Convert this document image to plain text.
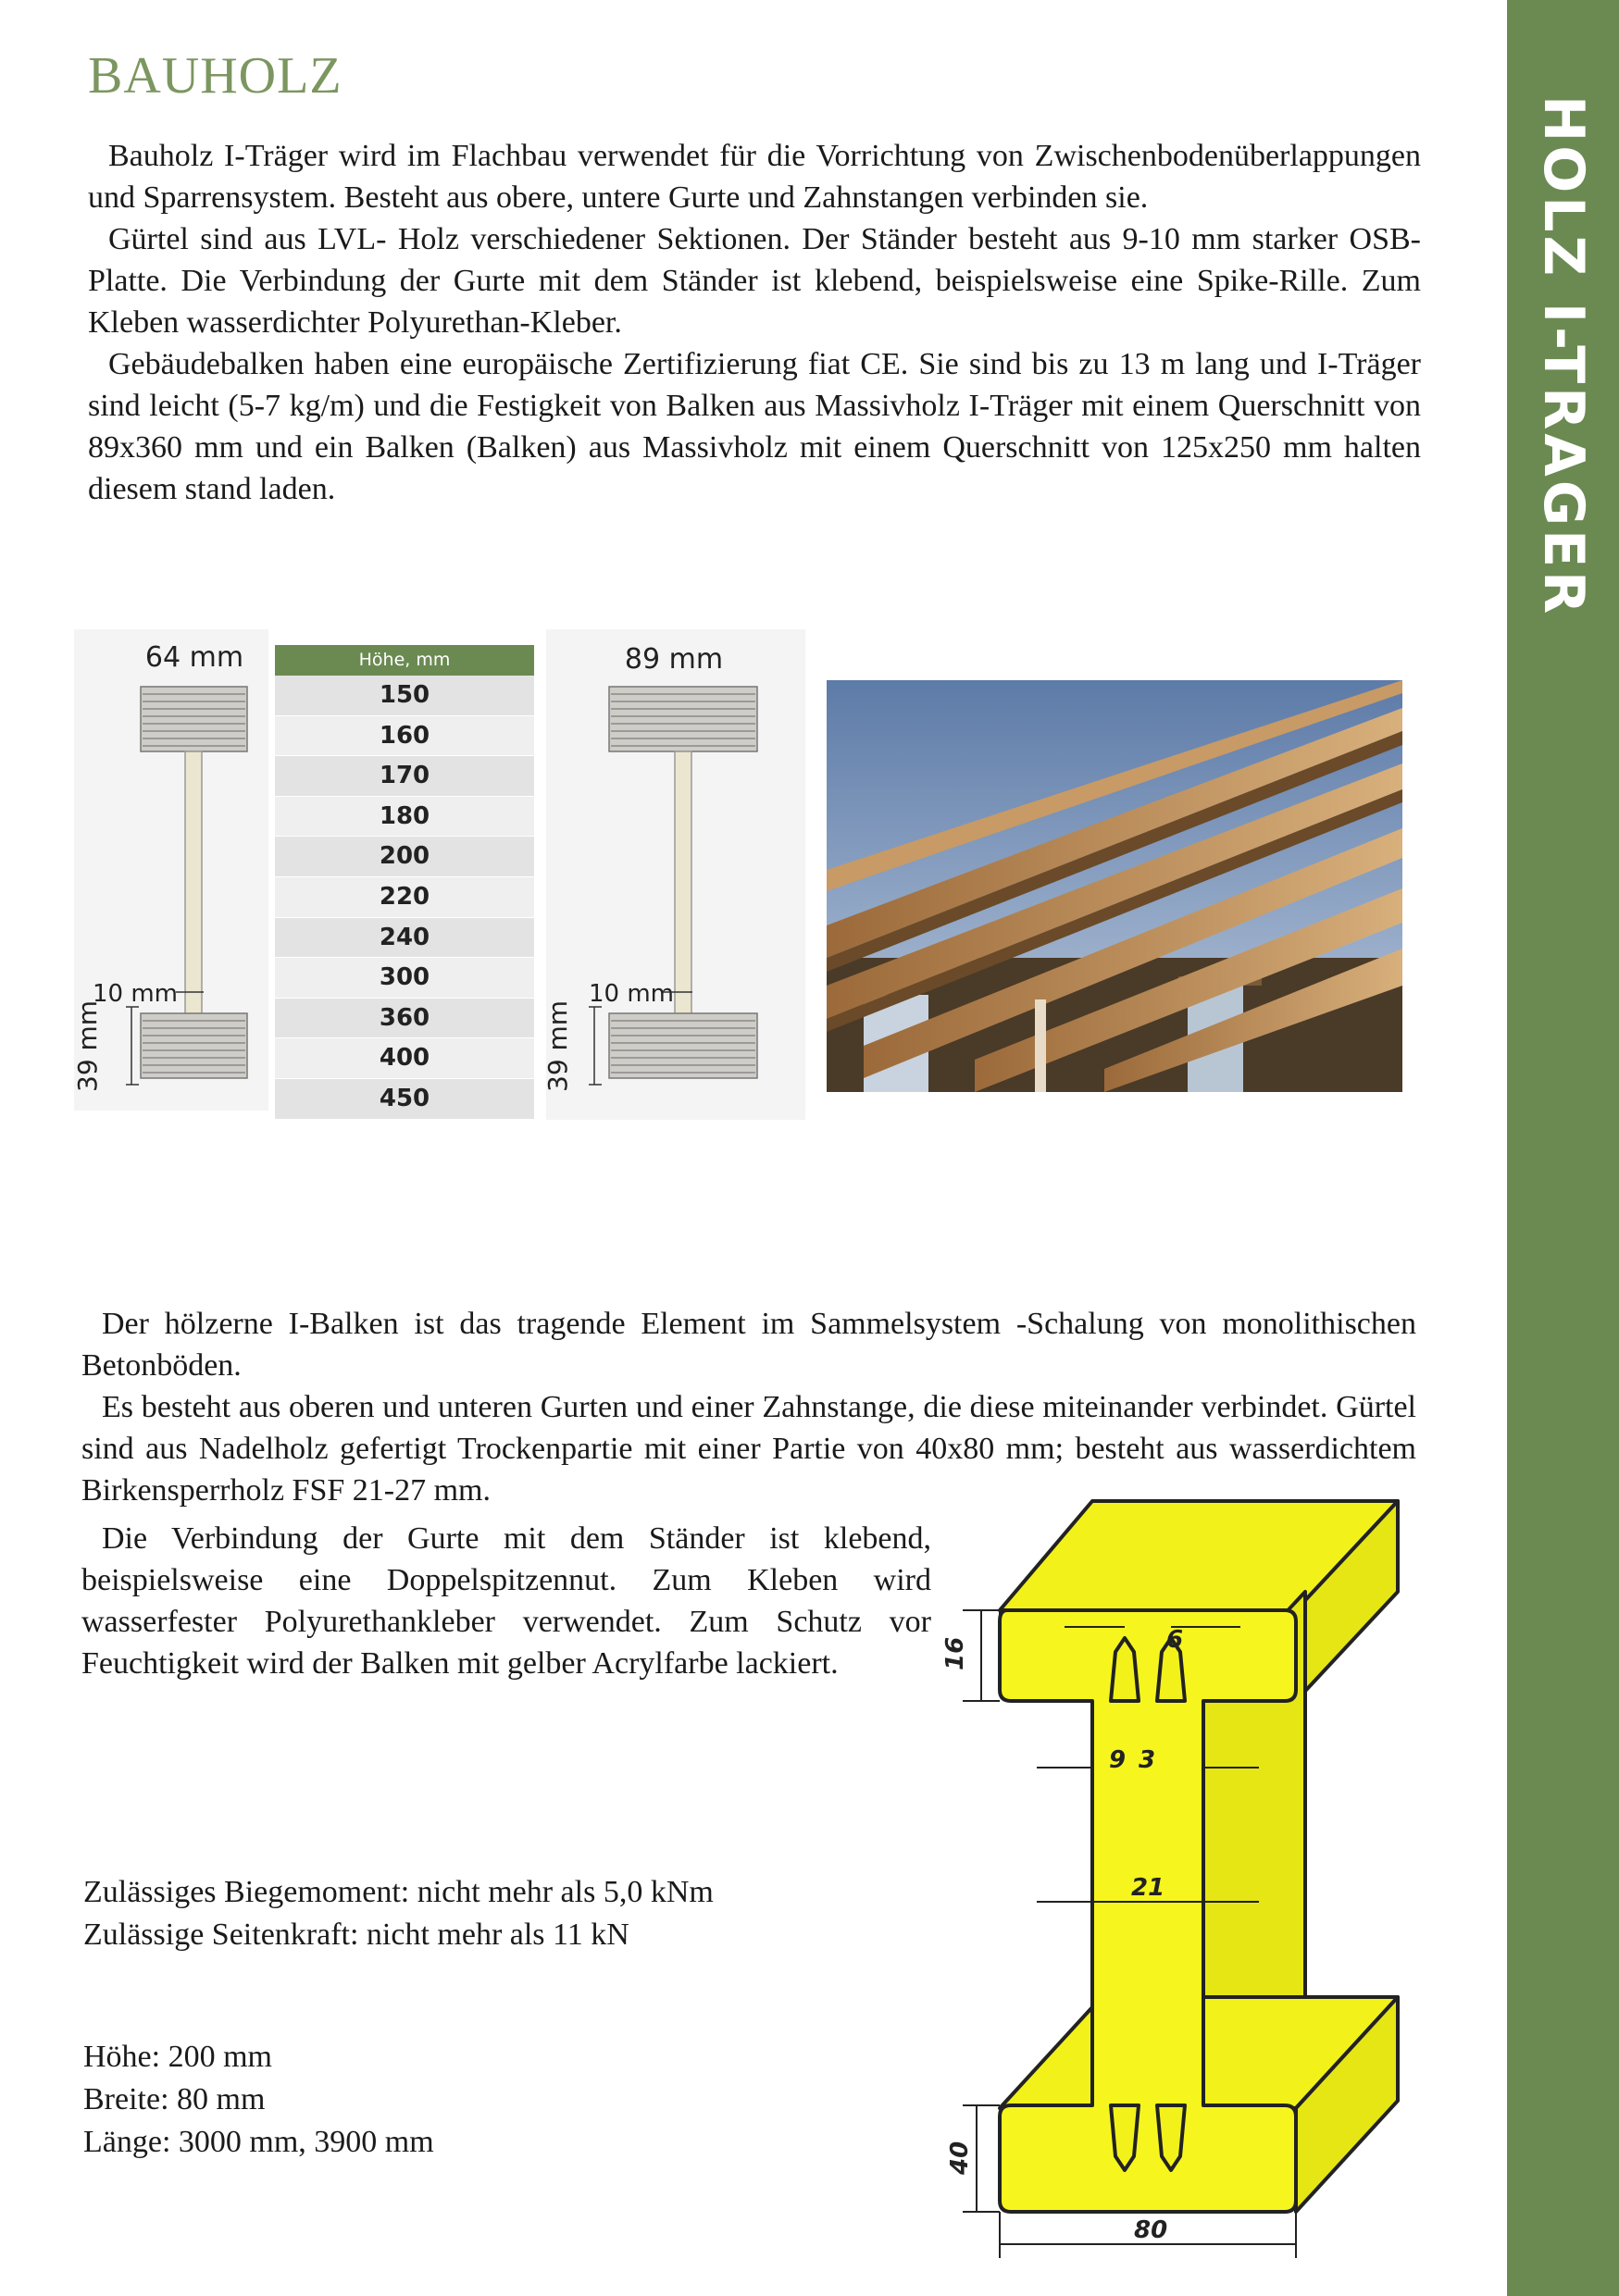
HOLZ I-TRAGER
BAUHOLZ
Bauholz I-Träger wird im Flachbau verwendet für die Vorrichtung von Zwischenbodenüberlappungen und Sparrensystem. Besteht aus obere, untere Gurte und Zahnstangen verbinden sie.
Gürtel sind aus LVL- Holz verschiedener Sektionen. Der Ständer besteht aus 9-10 mm starker OSB-Platte. Die Verbindung der Gurte mit dem Ständer ist klebend, beispielsweise eine Spike-Rille. Zum Kleben wasserdichter Polyurethan-Kleber.
Gebäudebalken haben eine europäische Zertifizierung fiat CE. Sie sind bis zu 13 m lang und I-Träger sind leicht (5-7 kg/m) und die Festigkeit von Balken aus Massivholz I-Träger mit einem Querschnitt von 89x360 mm und ein Balken (Balken) aus Massivholz mit einem Querschnitt von 125x250 mm halten diesem stand laden.
64 mm
10 mm
39 mm
Höhe, mm
150
160
170
180
200
220
240
300
360
400
450
89 mm
10 mm
39 mm
Der hölzerne I-Balken ist das tragende Element im Sammelsystem -Schalung von monolithischen Betonböden.
Es besteht aus oberen und unteren Gurten und einer Zahnstange, die diese miteinander verbindet. Gürtel sind aus Nadelholz gefertigt Trockenpartie mit einer Partie von 40x80 mm; besteht aus wasserdichtem Birkensperrholz FSF 21-27 mm.
Die Verbindung der Gurte mit dem Ständer ist klebend, beispielsweise eine Doppelspitzennut. Zum Kleben wird wasserfester Polyurethankleber verwendet. Zum Schutz vor Feuchtigkeit wird der Balken mit gelber Acrylfarbe lackiert.
Zulässiges Biegemoment: nicht mehr als 5,0 kNm
Zulässige Seitenkraft: nicht mehr als 11 kN
Höhe: 200 mm
Breite: 80 mm
Länge: 3000 mm, 3900 mm
6
16
9 3
21
40
80
